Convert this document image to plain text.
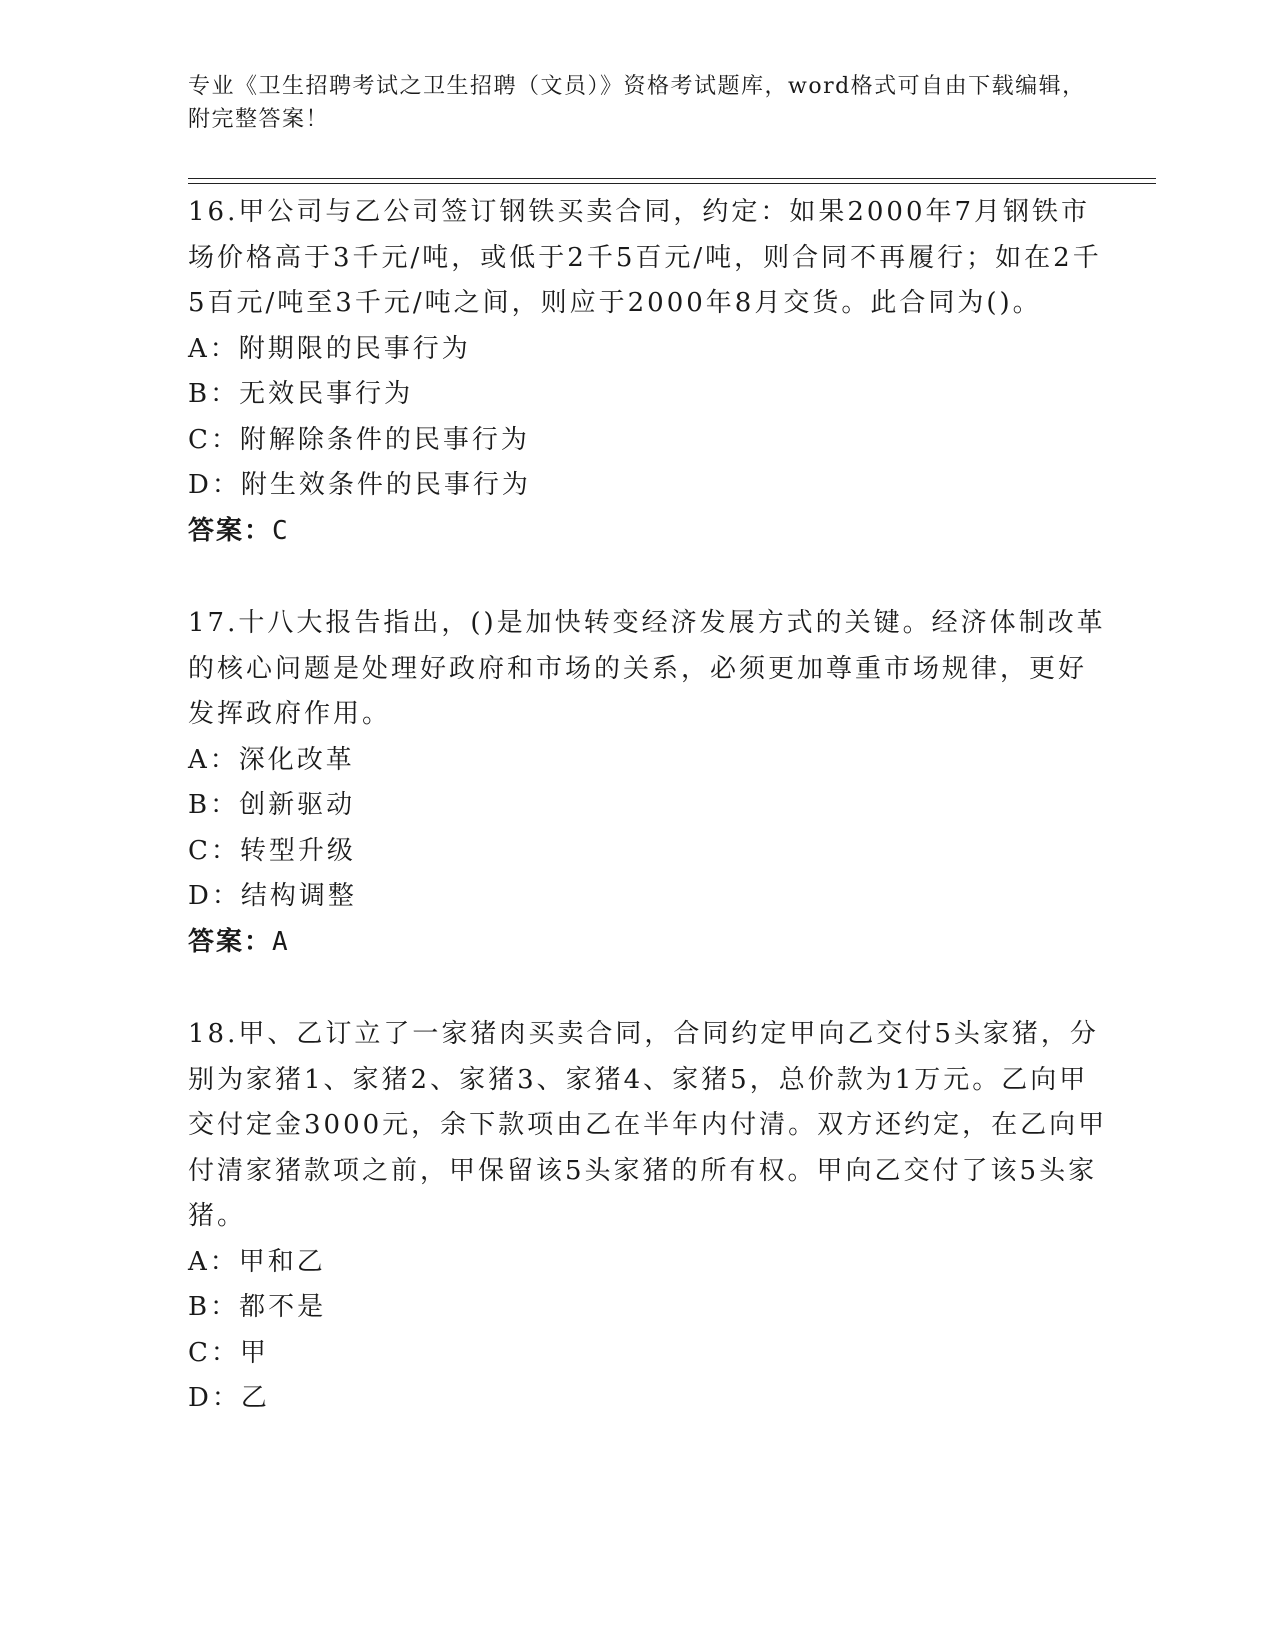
专业《卫生招聘考试之卫生招聘（文员）》资格考试题库，word格式可自由下载编辑，附完整答案！

16.甲公司与乙公司签订钢铁买卖合同，约定：如果2000年7月钢铁市场价格高于3千元/吨，或低于2千5百元/吨，则合同不再履行；如在2千5百元/吨至3千元/吨之间，则应于2000年8月交货。此合同为()。

A：附期限的民事行为

B：无效民事行为

C：附解除条件的民事行为

D：附生效条件的民事行为

答案：C

17.十八大报告指出，()是加快转变经济发展方式的关键。经济体制改革的核心问题是处理好政府和市场的关系，必须更加尊重市场规律，更好发挥政府作用。

A：深化改革

B：创新驱动

C：转型升级

D：结构调整

答案：A

18.甲、乙订立了一家猪肉买卖合同，合同约定甲向乙交付5头家猪，分别为家猪1、家猪2、家猪3、家猪4、家猪5，总价款为1万元。乙向甲交付定金3000元，余下款项由乙在半年内付清。双方还约定，在乙向甲付清家猪款项之前，甲保留该5头家猪的所有权。甲向乙交付了该5头家猪。

A：甲和乙

B：都不是

C：甲

D：乙
